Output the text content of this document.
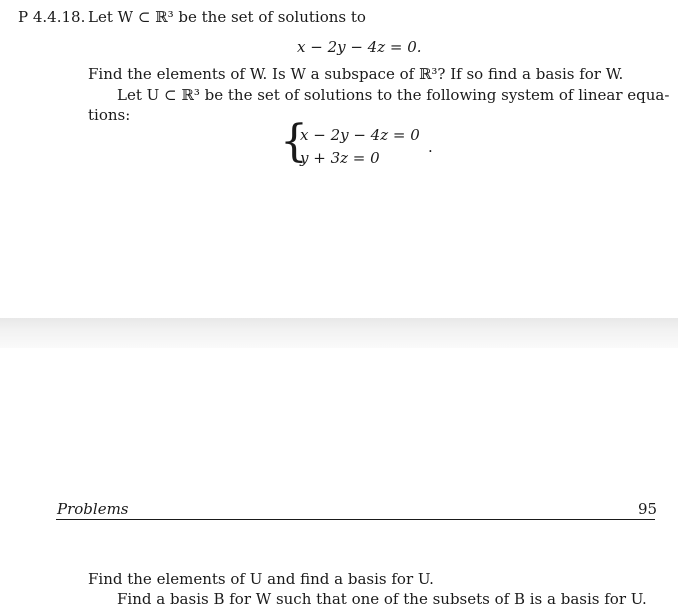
P 4.4.18. Let W ⊂ ℝ³ be the set of solutions to
x − 2y − 4z = 0.
Find the elements of W. Is W a subspace of ℝ³? If so find a basis for W.
Let U ⊂ ℝ³ be the set of solutions to the following system of linear equa-
tions:
{
x − 2y − 4z = 0
y + 3z = 0
.
Problems	95
Find the elements of U and find a basis for U.
Find a basis B for W such that one of the subsets of B is a basis for U.
